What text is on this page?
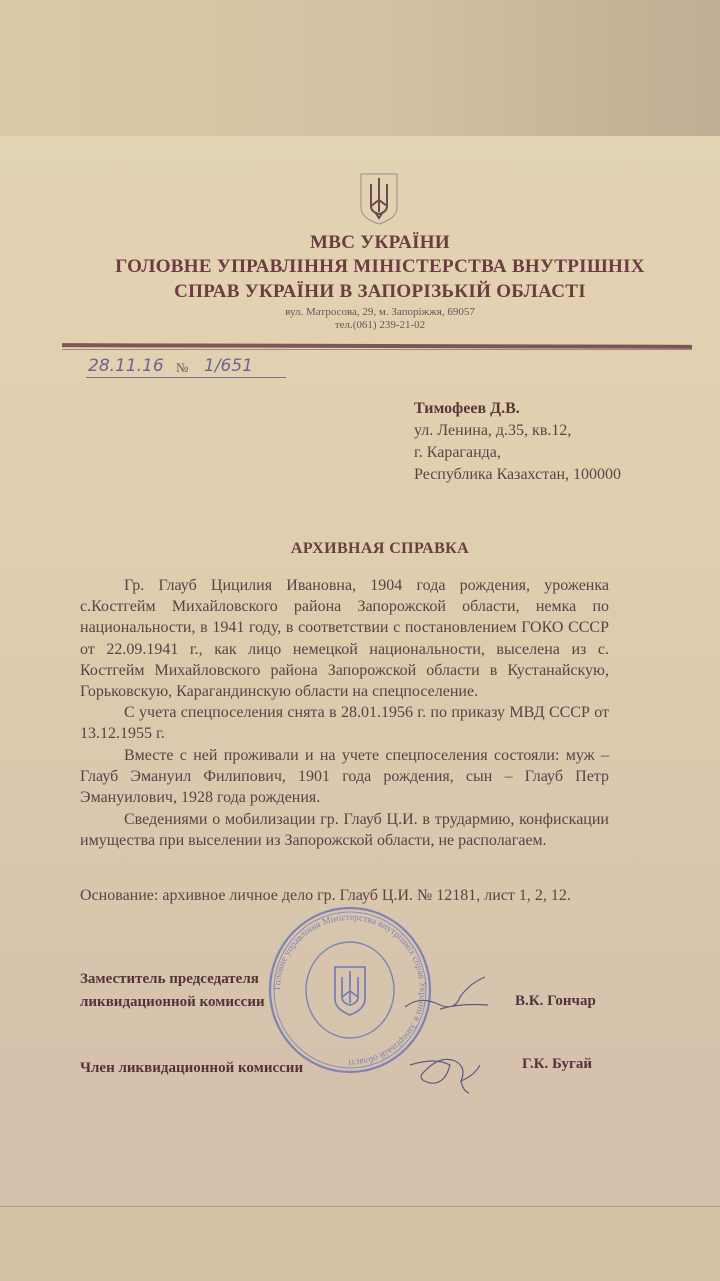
МВС УКРАЇНИ
ГОЛОВНЕ УПРАВЛІННЯ МІНІСТЕРСТВА ВНУТРІШНІХ
СПРАВ УКРАЇНИ В ЗАПОРІЗЬКІЙ ОБЛАСТІ
вул. Матросова, 29, м. Запоріжжя, 69057
тел.(061) 239-21-02
28.11.16 № 1/651
Тимофеев Д.В.
ул. Ленина, д.35, кв.12,
г. Караганда,
Республика Казахстан, 100000
АРХИВНАЯ СПРАВКА

Гр. Глауб Цицилия Ивановна, 1904 года рождения, уроженка с.Костгейм Михайловского района Запорожской области, немка по национальности, в 1941 году, в соответствии с постановлением ГОКО СССР от 22.09.1941 г., как лицо немецкой национальности, выселена из с. Костгейм Михайловского района Запорожской области в Кустанайскую, Горьковскую, Карагандинскую области на спецпоселение.

С учета спецпоселения снята в 28.01.1956 г. по приказу МВД СССР от 13.12.1955 г.

Вместе с ней проживали и на учете спецпоселения состояли: муж – Глауб Эмануил Филипович, 1901 года рождения, сын – Глауб Петр Эмануилович, 1928 года рождения.

Сведениями о мобилизации гр. Глауб Ц.И. в трудармию, конфискации имущества при выселении из Запорожской области, не располагаем.

Основание: архивное личное дело гр. Глауб Ц.И. № 12181, лист 1, 2, 12.
Головне управління Міністерства внутрішніх справ України в Запорізькій області
Заместитель председателя
ликвидационной комиссии	В.К. Гончар
Член ликвидационной комиссии	Г.К. Бугай
